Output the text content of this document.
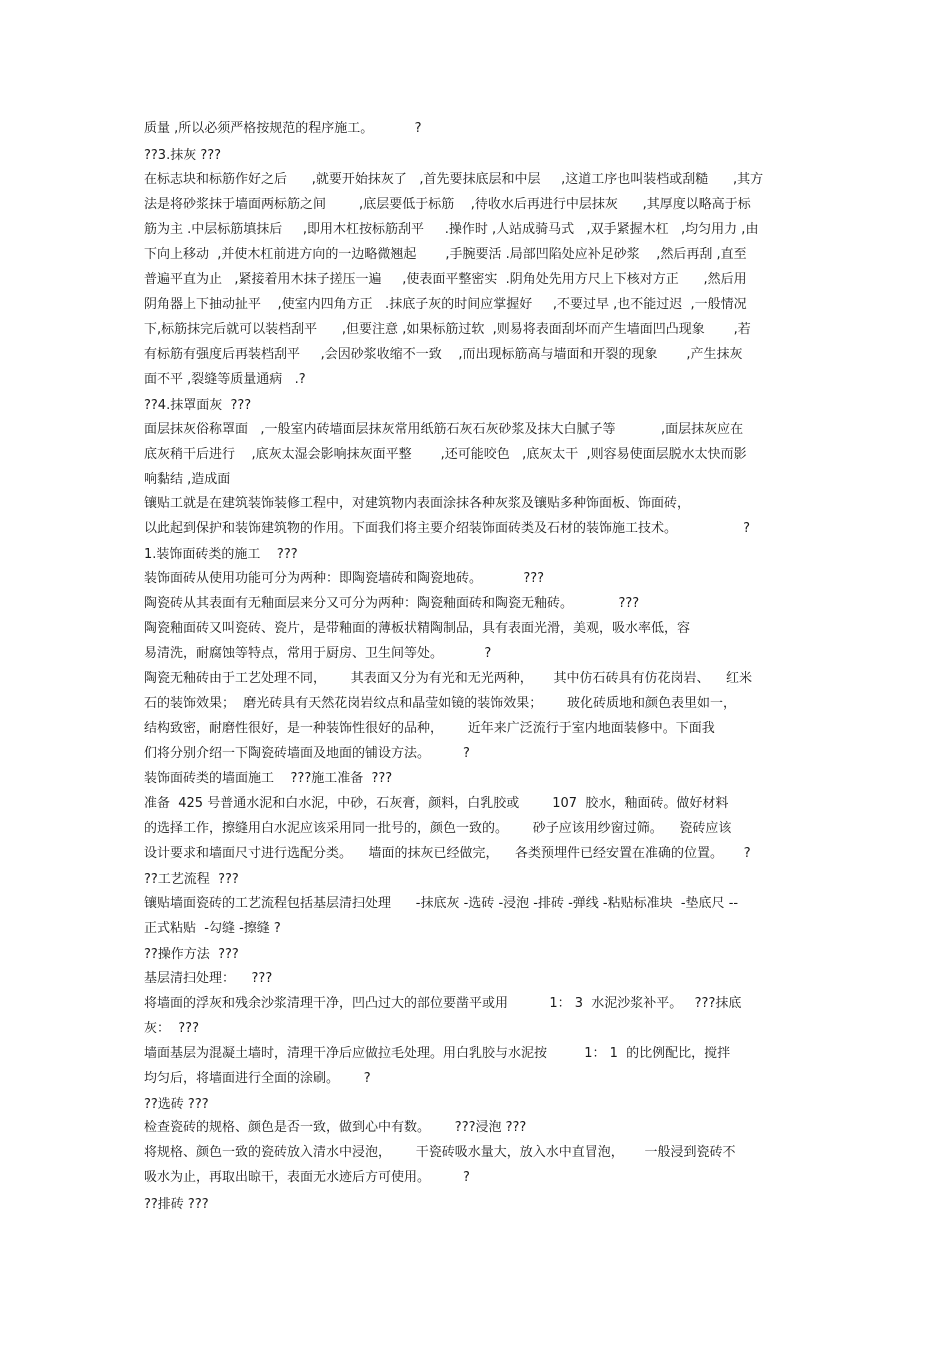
质量 ,所以必须严格按规范的程序施工。          ?
??3.抹灰 ???
在标志块和标筋作好之后      ,就要开始抹灰了   ,首先要抹底层和中层     ,这道工序也叫装档或刮糙      ,其方
法是将砂浆抹于墙面两标筋之间        ,底层要低于标筋    ,待收水后再进行中层抹灰      ,其厚度以略高于标
筋为主 .中层标筋填抹后     ,即用木杠按标筋刮平     .操作时 ,人站成骑马式   ,双手紧握木杠   ,均匀用力 ,由
下向上移动  ,并使木杠前进方向的一边略微翘起       ,手腕要活 .局部凹陷处应补足砂浆    ,然后再刮 ,直至
普遍平直为止   ,紧接着用木抹子搓压一遍     ,使表面平整密实  .阴角处先用方尺上下核对方正      ,然后用
阴角器上下抽动扯平    ,使室内四角方正   .抹底子灰的时间应掌握好     ,不要过早 ,也不能过迟  ,一般情况
下,标筋抹完后就可以装档刮平      ,但要注意 ,如果标筋过软  ,则易将表面刮坏而产生墙面凹凸现象       ,若
有标筋有强度后再装档刮平     ,会因砂浆收缩不一致    ,而出现标筋高与墙面和开裂的现象       ,产生抹灰
面不平 ,裂缝等质量通病   .?
??4.抹罩面灰  ???
面层抹灰俗称罩面   ,一般室内砖墙面层抹灰常用纸筋石灰石灰砂浆及抹大白腻子等           ,面层抹灰应在
底灰稍干后进行    ,底灰太湿会影响抹灰面平整       ,还可能咬色   ,底灰太干  ,则容易使面层脱水太快而影
响黏结 ,造成面
镶贴工就是在建筑装饰装修工程中，对建筑物内表面涂抹各种灰浆及镶贴多种饰面板、饰面砖，
以此起到保护和装饰建筑物的作用。下面我们将主要介绍装饰面砖类及石材的装饰施工技术。                ?
1.装饰面砖类的施工    ???
装饰面砖从使用功能可分为两种：即陶瓷墙砖和陶瓷地砖。          ???
陶瓷砖从其表面有无釉面层来分又可分为两种：陶瓷釉面砖和陶瓷无釉砖。           ???
陶瓷釉面砖又叫瓷砖、瓷片，是带釉面的薄板状精陶制品，具有表面光滑，美观，吸水率低，容
易清洗，耐腐蚀等特点，常用于厨房、卫生间等处。          ?
陶瓷无釉砖由于工艺处理不同，      其表面又分为有光和无光两种，     其中仿石砖具有仿花岗岩、    红米
石的装饰效果；  磨光砖具有天然花岗岩纹点和晶莹如镜的装饰效果；      玻化砖质地和颜色表里如一，
结构致密，耐磨性很好，是一种装饰性很好的品种，      近年来广泛流行于室内地面装修中。下面我
们将分别介绍一下陶瓷砖墙面及地面的铺设方法。        ?
装饰面砖类的墙面施工    ???施工准备  ???
准备  425 号普通水泥和白水泥，中砂，石灰膏，颜料，白乳胶或        107  胶水，釉面砖。做好材料
的选择工作，擦缝用白水泥应该采用同一批号的，颜色一致的。      砂子应该用纱窗过筛。    瓷砖应该
设计要求和墙面尺寸进行选配分类。    墙面的抹灰已经做完，    各类预埋件已经安置在准确的位置。     ?
??工艺流程  ???
镶贴墙面瓷砖的工艺流程包括基层清扫处理      -抹底灰 -选砖 -浸泡 -排砖 -弹线 -粘贴标准块  -垫底尺 --
正式粘贴  -勾缝 -擦缝 ?
??操作方法  ???
基层清扫处理：    ???
将墙面的浮灰和残余沙浆清理干净，凹凸过大的部位要凿平或用          1： 3  水泥沙浆补平。   ???抹底
灰：  ???
墙面基层为混凝土墙时，清理干净后应做拉毛处理。用白乳胶与水泥按         1： 1  的比例配比，搅拌
均匀后，将墙面进行全面的涂刷。      ?
??选砖 ???
检查瓷砖的规格、颜色是否一致，做到心中有数。      ???浸泡 ???
将规格、颜色一致的瓷砖放入清水中浸泡，      干瓷砖吸水量大，放入水中直冒泡，     一般浸到瓷砖不
吸水为止，再取出晾干，表面无水迹后方可使用。        ?
??排砖 ???
